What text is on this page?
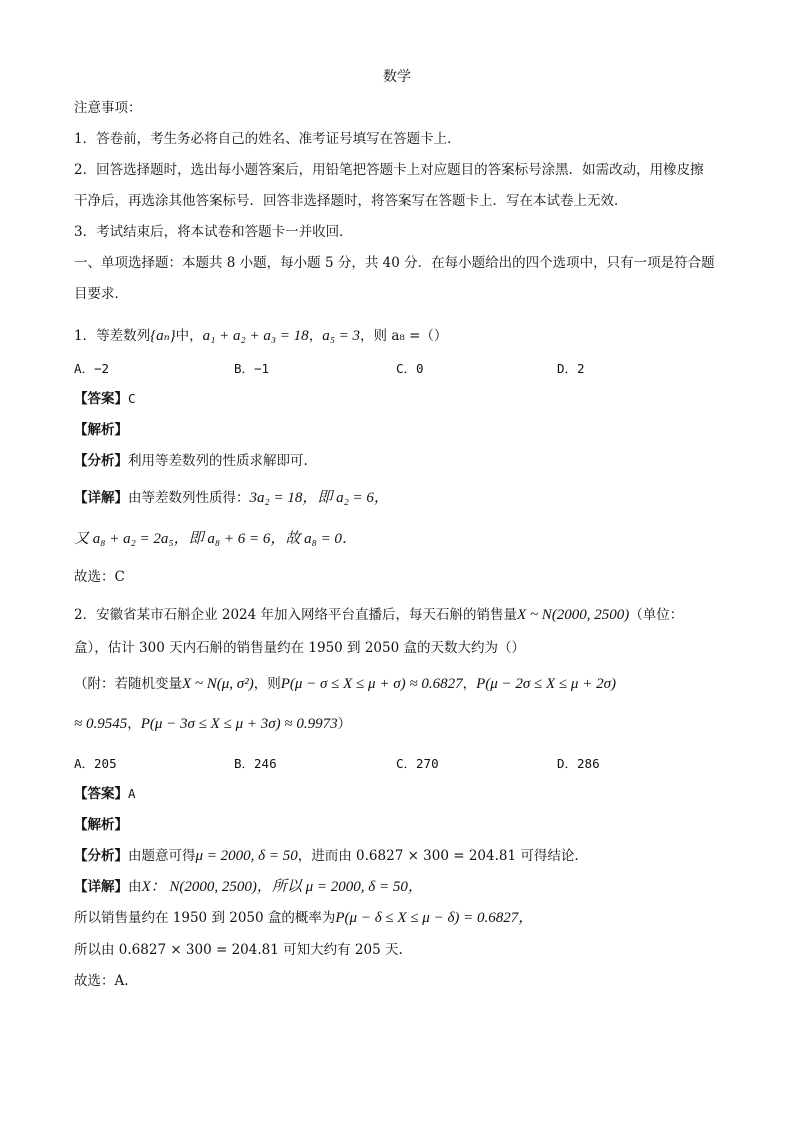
数学
注意事项：
1．答卷前，考生务必将自己的姓名、准考证号填写在答题卡上．
2．回答选择题时，选出每小题答案后，用铅笔把答题卡上对应题目的答案标号涂黑．如需改动，用橡皮擦
干净后，再选涂其他答案标号．回答非选择题时，将答案写在答题卡上．写在本试卷上无效．
3．考试结束后，将本试卷和答题卡一并收回．
一、单项选择题：本题共 8 小题，每小题 5 分，共 40 分．在每小题给出的四个选项中，只有一项是符合题
目要求．
1．等差数列{aₙ}中，a₁ + a₂ + a₃ = 18，a₅ = 3，则 a₈ =（）
A．−2	B．−1	C．0	D．2
【答案】C
【解析】
【分析】利用等差数列的性质求解即可.
【详解】由等差数列性质得：3a₂ = 18，即 a₂ = 6，
又 a₈ + a₂ = 2a₅，即 a₈ + 6 = 6，故 a₈ = 0．
故选：C
2．安徽省某市石斛企业 2024 年加入网络平台直播后，每天石斛的销售量X ~ N(2000, 2500)（单位：
盒），估计 300 天内石斛的销售量约在 1950 到 2050 盒的天数大约为（）
（附：若随机变量X ~ N(μ, σ²)，则P(μ − σ ≤ X ≤ μ + σ) ≈ 0.6827，P(μ − 2σ ≤ X ≤ μ + 2σ)
≈ 0.9545，P(μ − 3σ ≤ X ≤ μ + 3σ) ≈ 0.9973）
A．205	B．246	C．270	D．286
【答案】A
【解析】
【分析】由题意可得μ = 2000, δ = 50，进而由 0.6827 × 300 = 204.81 可得结论.
【详解】由X： N(2000, 2500)，所以 μ = 2000, δ = 50，
所以销售量约在 1950 到 2050 盒的概率为P(μ − δ ≤ X ≤ μ − δ) = 0.6827，
所以由 0.6827 × 300 = 204.81 可知大约有 205 天.
故选：A.
